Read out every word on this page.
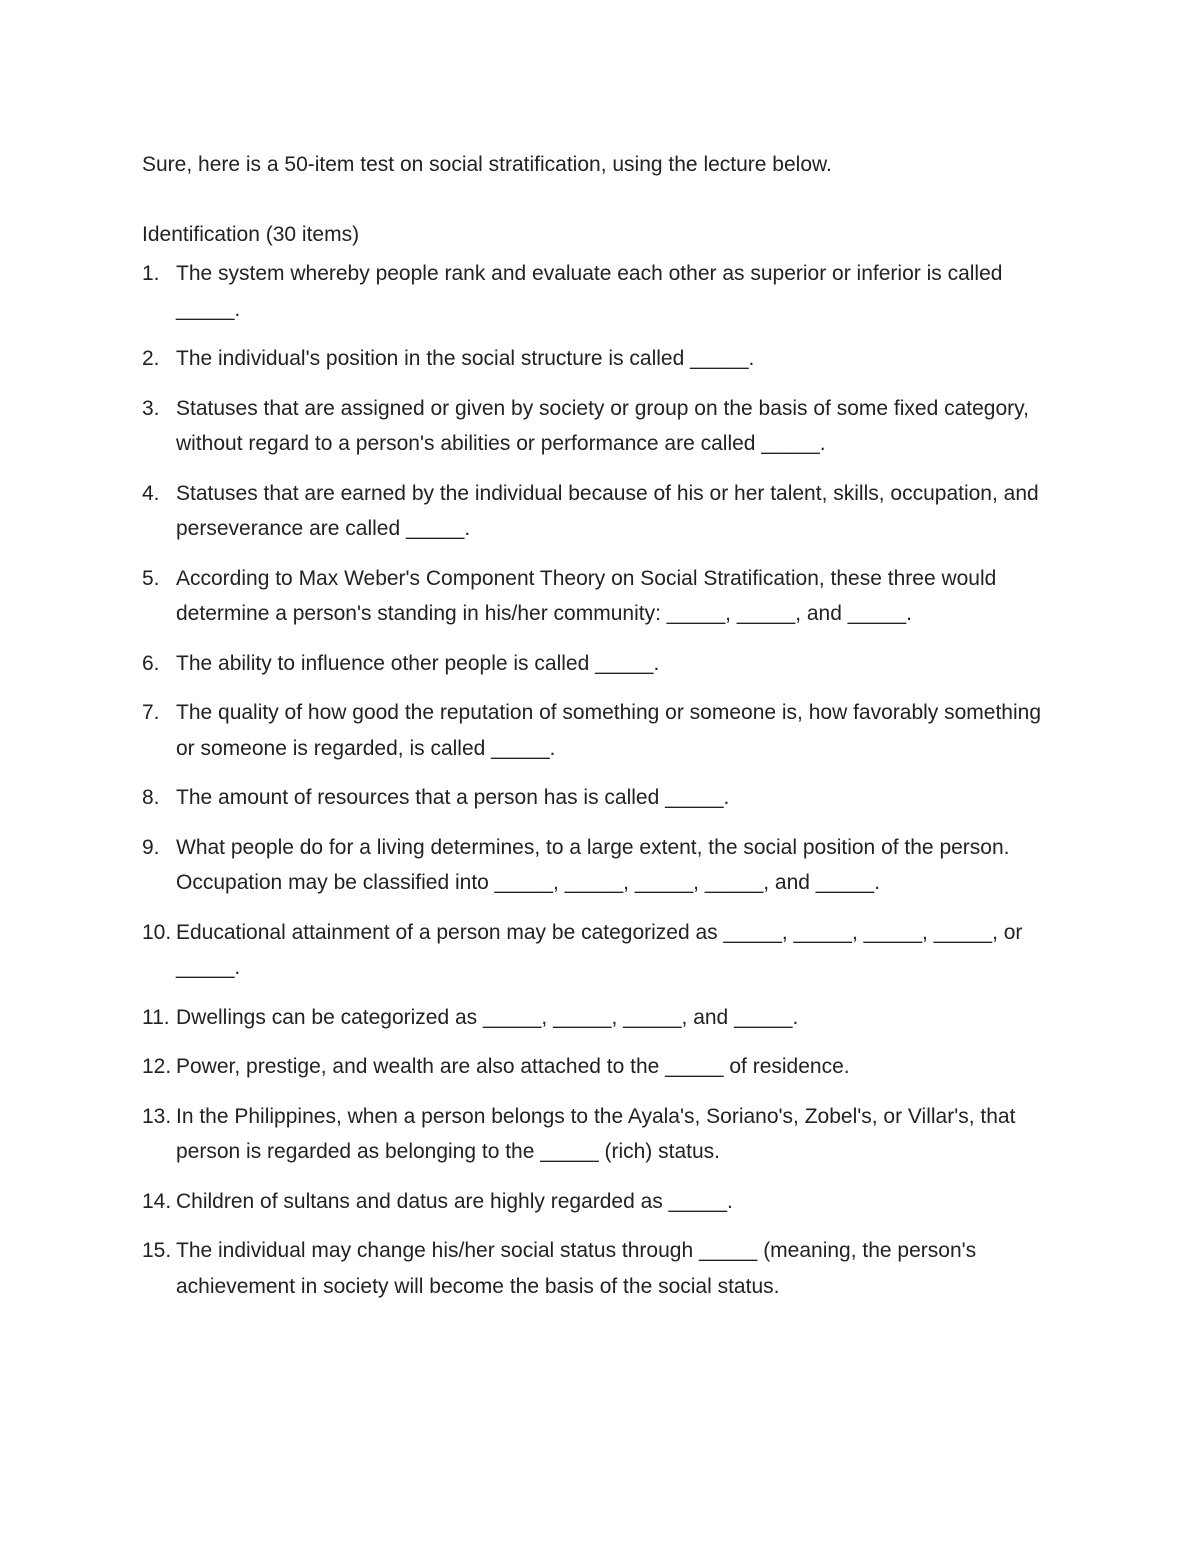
Sure, here is a 50-item test on social stratification, using the lecture below.

Identification (30 items)
1. The system whereby people rank and evaluate each other as superior or inferior is called _____.
2. The individual's position in the social structure is called _____.
3. Statuses that are assigned or given by society or group on the basis of some fixed category, without regard to a person's abilities or performance are called _____.
4. Statuses that are earned by the individual because of his or her talent, skills, occupation, and perseverance are called _____.
5. According to Max Weber's Component Theory on Social Stratification, these three would determine a person's standing in his/her community: _____, _____, and _____.
6. The ability to influence other people is called _____.
7. The quality of how good the reputation of something or someone is, how favorably something or someone is regarded, is called _____.
8. The amount of resources that a person has is called _____.
9. What people do for a living determines, to a large extent, the social position of the person. Occupation may be classified into _____, _____, _____, _____, and _____.
10. Educational attainment of a person may be categorized as _____, _____, _____, _____, or _____.
11. Dwellings can be categorized as _____, _____, _____, and _____.
12. Power, prestige, and wealth are also attached to the _____ of residence.
13. In the Philippines, when a person belongs to the Ayala's, Soriano's, Zobel's, or Villar's, that person is regarded as belonging to the _____ (rich) status.
14. Children of sultans and datus are highly regarded as _____.
15. The individual may change his/her social status through _____ (meaning, the person's achievement in society will become the basis of the social status.
